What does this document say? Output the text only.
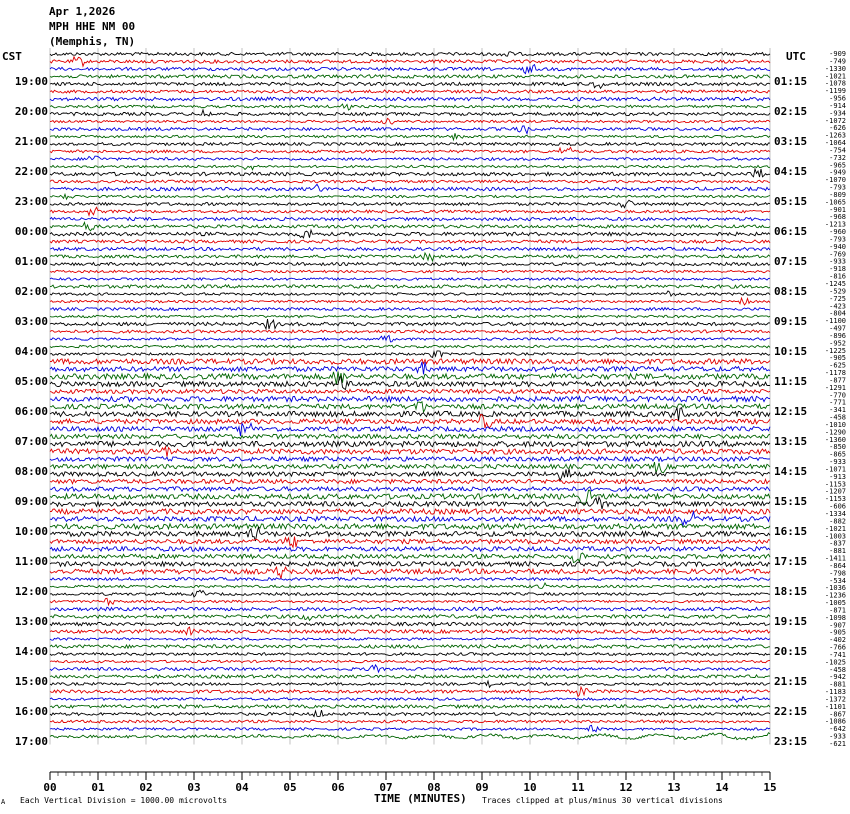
Apr 1,2026
MPH HHE NM 00
(Memphis, TN)
CST	UTC
19:00
20:00
21:00
22:00
23:00
00:00
01:00
02:00
03:00
04:00
05:00
06:00
07:00
08:00
09:00
10:00
11:00
12:00
13:00
14:00
15:00
16:00
17:00
01:15
02:15
03:15
04:15
05:15
06:15
07:15
08:15
09:15
10:15
11:15
12:15
13:15
14:15
15:15
16:15
17:15
18:15
19:15
20:15
21:15
22:15
23:15
-909
-749
-1330
-1021
-1078
-1199
-956
-914
-934
-1072
-626
-1263
-1064
-754
-732
-965
-949
-1070
-793
-809
-1065
-901
-968
-1213
-960
-793
-940
-769
-933
-918
-816
-1245
-529
-725
-423
-804
-1100
-497
-896
-952
-1225
-905
-625
-1178
-877
-1291
-770
-771
-341
-458
-1010
-1290
-1360
-850
-865
-933
-1071
-913
-1153
-1207
-1153
-606
-1334
-882
-1021
-1003
-837
-881
-1411
-864
-798
-534
-1036
-1236
-1005
-871
-1098
-907
-905
-402
-766
-741
-1025
-458
-942
-881
-1183
-1372
-1101
-867
-1086
-642
-933
-621
00	01	02	03	04	05	06	07	08	09	10	11	12	13	14	15
A Each Vertical Division = 1000.00 microvolts	TIME (MINUTES) Traces clipped at plus/minus 30 vertical divisions
